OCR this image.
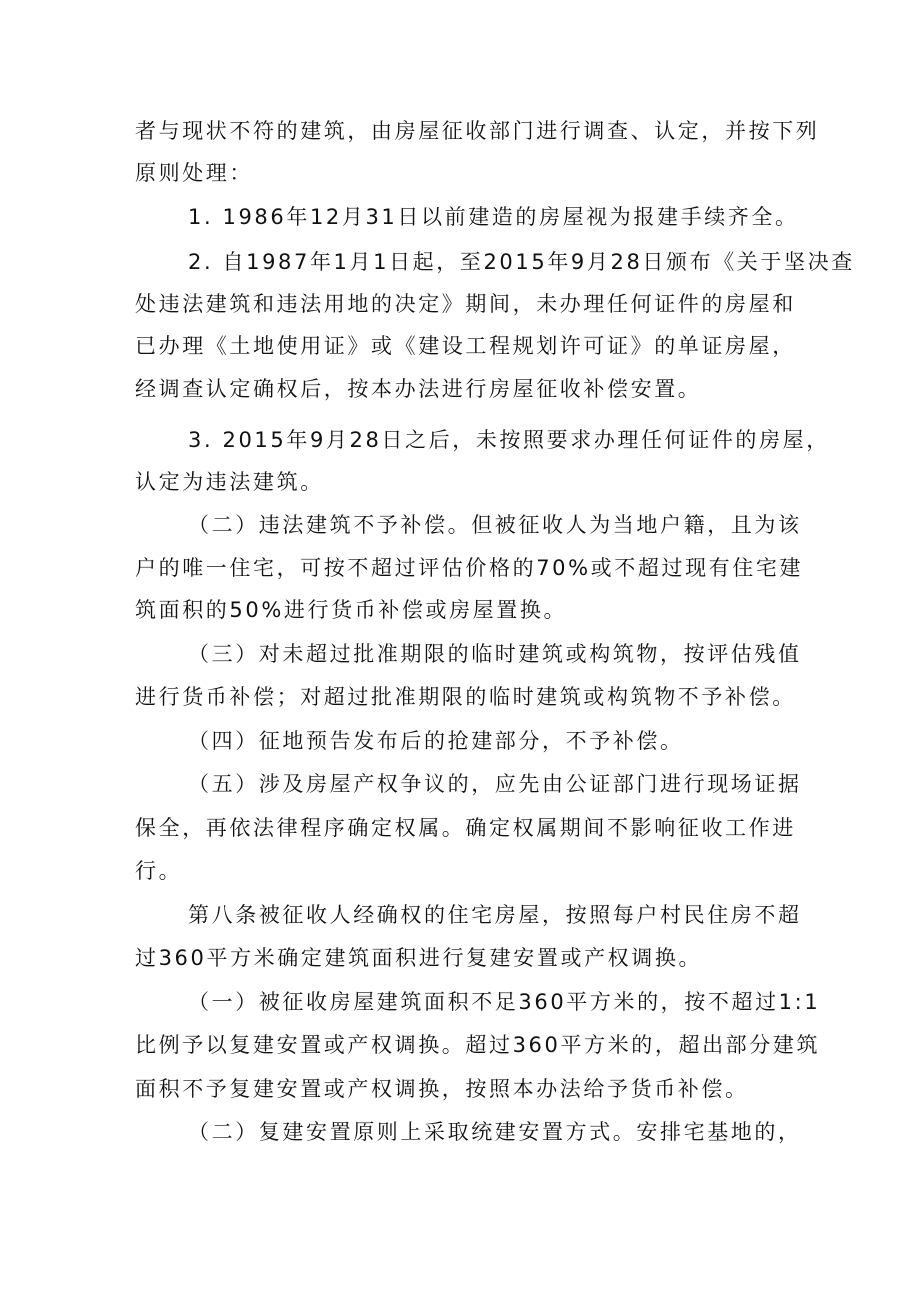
者与现状不符的建筑，由房屋征收部门进行调查、认定，并按下列
原则处理：
1. 1986年12月31日以前建造的房屋视为报建手续齐全。
2. 自1987年1月1日起，至2015年9月28日颁布《关于坚决查
处违法建筑和违法用地的决定》期间，未办理任何证件的房屋和
已办理《土地使用证》或《建设工程规划许可证》的单证房屋，
经调查认定确权后，按本办法进行房屋征收补偿安置。
3. 2015年9月28日之后，未按照要求办理任何证件的房屋，
认定为违法建筑。
（二）违法建筑不予补偿。但被征收人为当地户籍，且为该
户的唯一住宅，可按不超过评估价格的70%或不超过现有住宅建
筑面积的50%进行货币补偿或房屋置换。
（三）对未超过批准期限的临时建筑或构筑物，按评估残值
进行货币补偿；对超过批准期限的临时建筑或构筑物不予补偿。
（四）征地预告发布后的抢建部分，不予补偿。
（五）涉及房屋产权争议的，应先由公证部门进行现场证据
保全，再依法律程序确定权属。确定权属期间不影响征收工作进
行。
第八条被征收人经确权的住宅房屋，按照每户村民住房不超
过360平方米确定建筑面积进行复建安置或产权调换。
（一）被征收房屋建筑面积不足360平方米的，按不超过1:1
比例予以复建安置或产权调换。超过360平方米的，超出部分建筑
面积不予复建安置或产权调换，按照本办法给予货币补偿。
（二）复建安置原则上采取统建安置方式。安排宅基地的，
